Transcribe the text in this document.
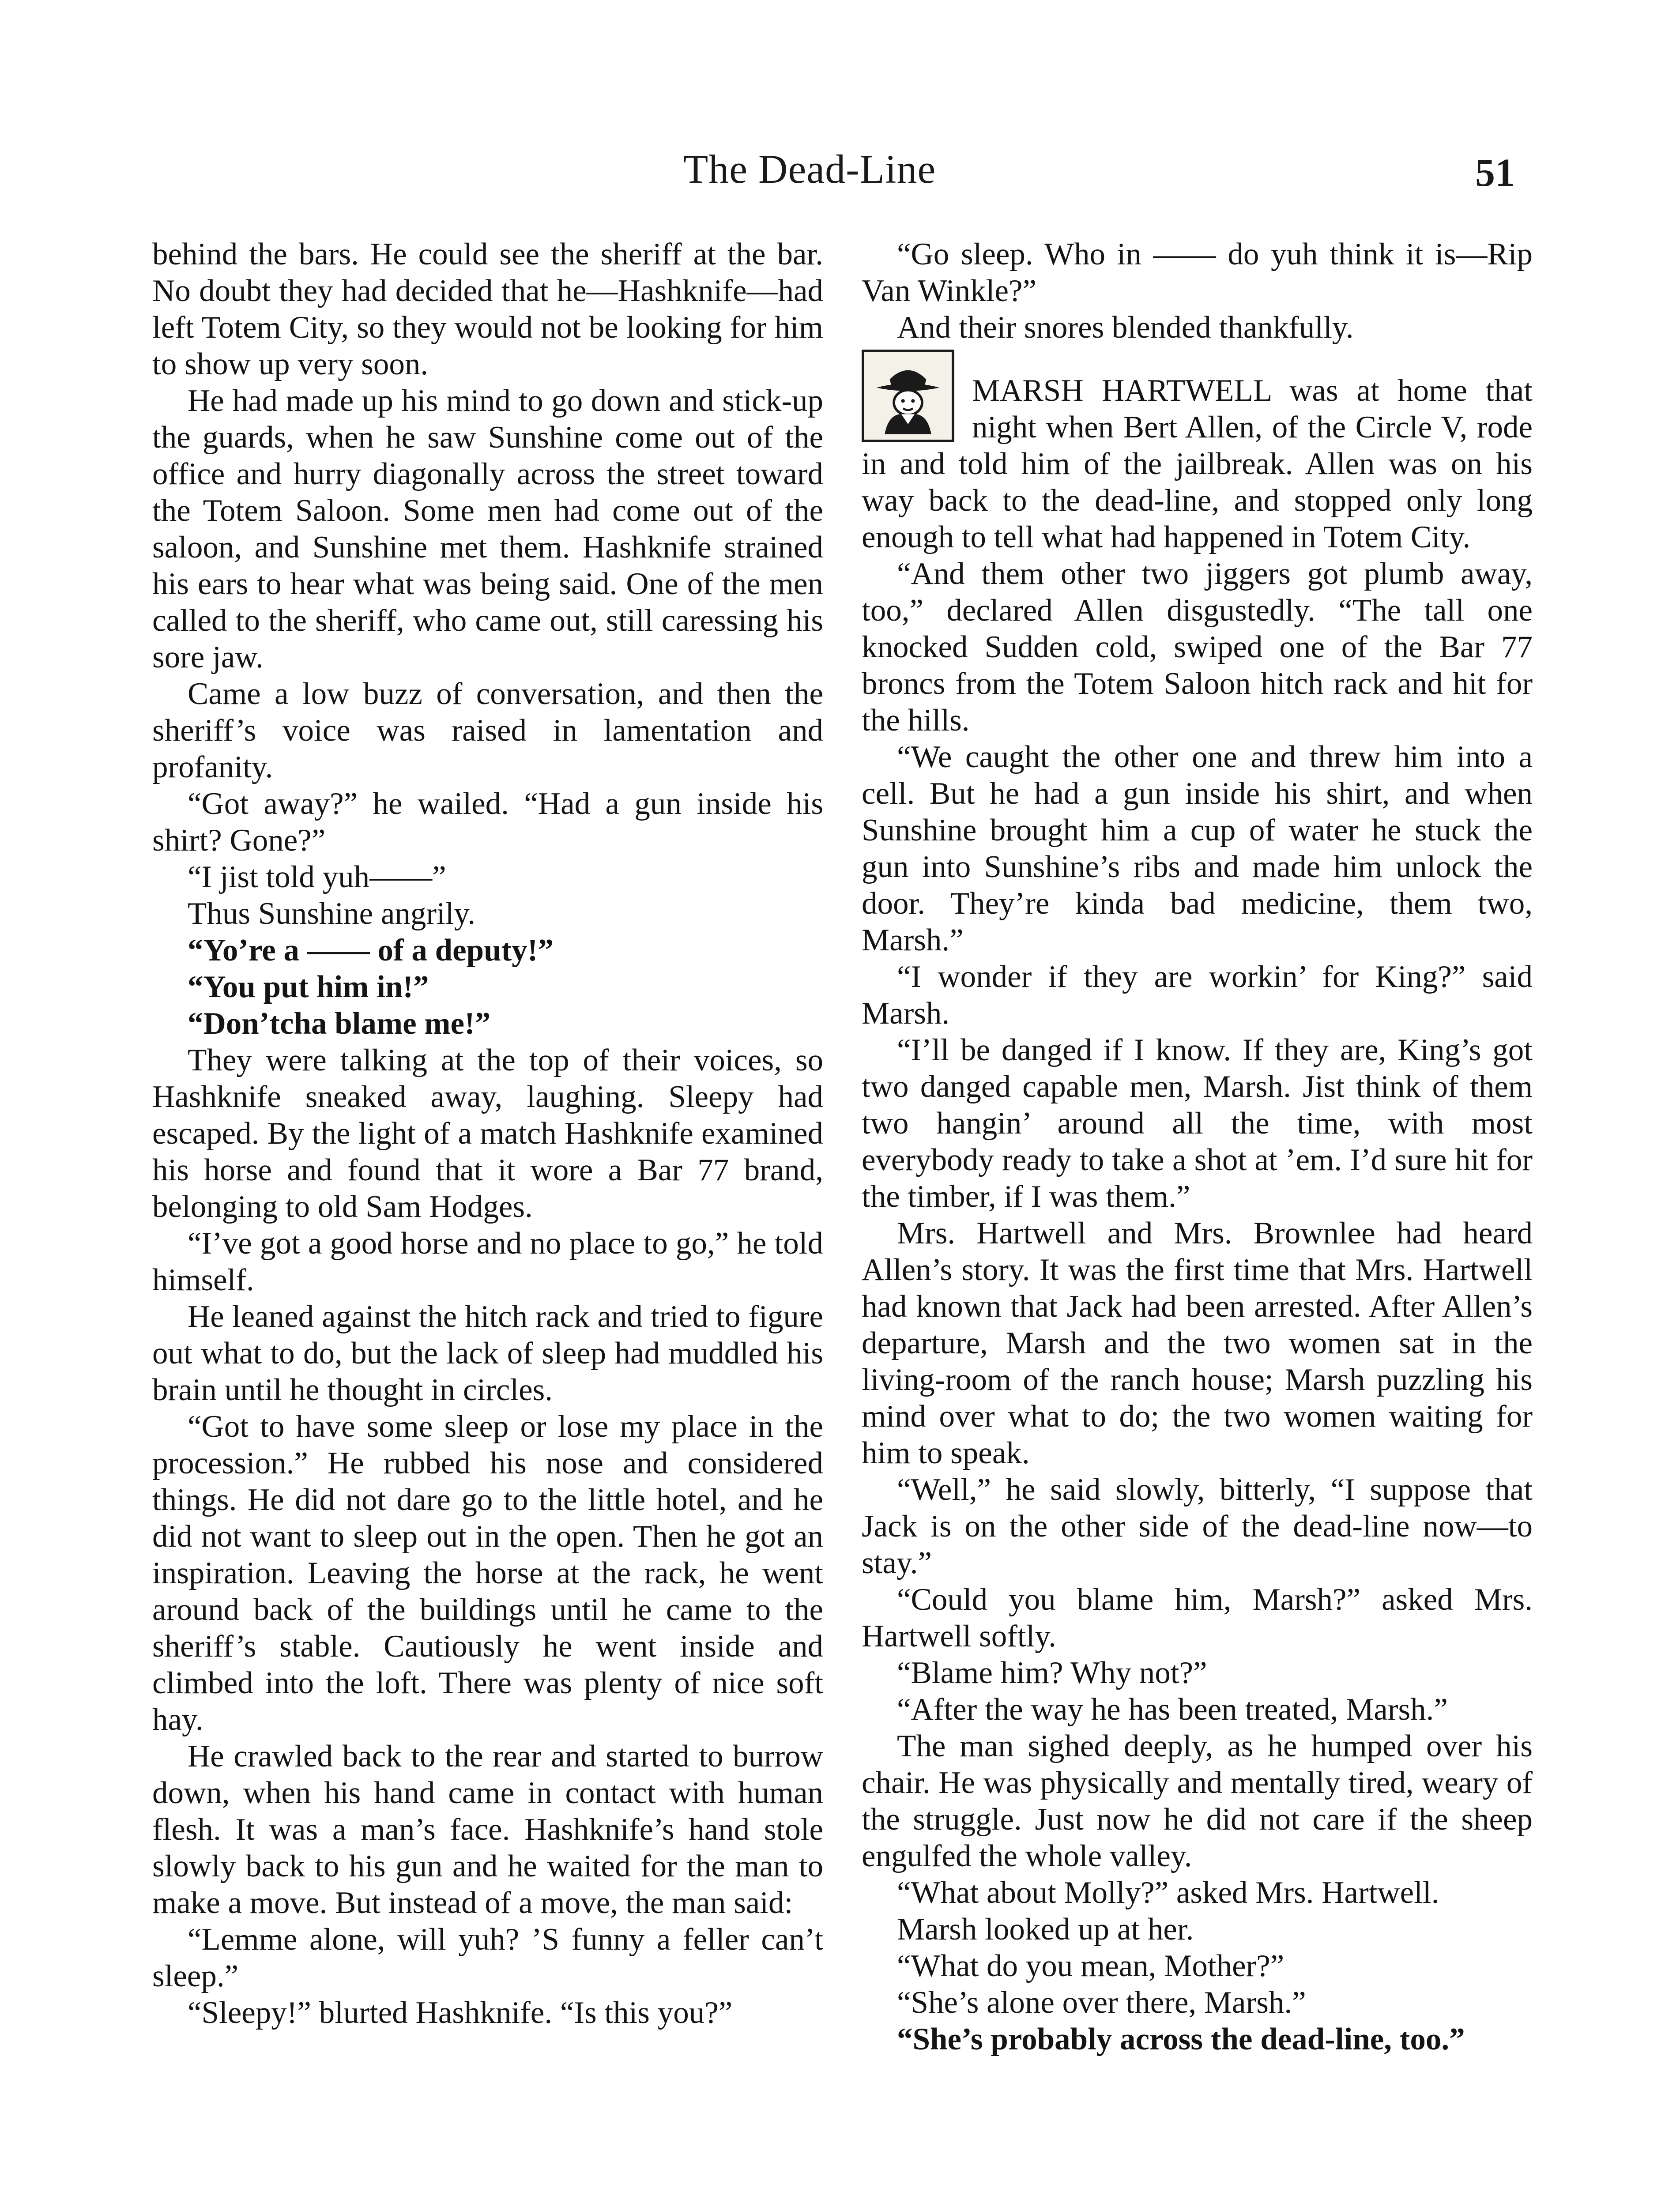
The Dead-Line	51

behind the bars. He could see the sheriff at the bar. No doubt they had decided that he—Hashknife—had left Totem City, so they would not be looking for him to show up very soon.

He had made up his mind to go down and stick-up the guards, when he saw Sunshine come out of the office and hurry diagonally across the street toward the Totem Saloon. Some men had come out of the saloon, and Sunshine met them. Hashknife strained his ears to hear what was being said. One of the men called to the sheriff, who came out, still caressing his sore jaw.

Came a low buzz of conversation, and then the sheriff’s voice was raised in lamentation and profanity.

“Got away?” he wailed. “Had a gun inside his shirt? Gone?”

“I jist told yuh——”

Thus Sunshine angrily.

“Yo’re a —— of a deputy!”

“You put him in!”

“Don’tcha blame me!”

They were talking at the top of their voices, so Hashknife sneaked away, laughing. Sleepy had escaped. By the light of a match Hashknife examined his horse and found that it wore a Bar 77 brand, belonging to old Sam Hodges.

“I’ve got a good horse and no place to go,” he told himself.

He leaned against the hitch rack and tried to figure out what to do, but the lack of sleep had muddled his brain until he thought in circles.

“Got to have some sleep or lose my place in the procession.” He rubbed his nose and considered things. He did not dare go to the little hotel, and he did not want to sleep out in the open. Then he got an inspiration. Leaving the horse at the rack, he went around back of the buildings until he came to the sheriff’s stable. Cautiously he went inside and climbed into the loft. There was plenty of nice soft hay.

He crawled back to the rear and started to burrow down, when his hand came in contact with human flesh. It was a man’s face. Hashknife’s hand stole slowly back to his gun and he waited for the man to make a move. But instead of a move, the man said:

“Lemme alone, will yuh? ’S funny a feller can’t sleep.”

“Sleepy!” blurted Hashknife. “Is this you?”

“Go sleep. Who in —— do yuh think it is—Rip Van Winkle?”

And their snores blended thankfully.

MARSH HARTWELL was at home that night when Bert Allen, of the Circle V, rode in and told him of the jailbreak. Allen was on his way back to the dead-line, and stopped only long enough to tell what had happened in Totem City.

“And them other two jiggers got plumb away, too,” declared Allen disgustedly. “The tall one knocked Sudden cold, swiped one of the Bar 77 broncs from the Totem Saloon hitch rack and hit for the hills.

“We caught the other one and threw him into a cell. But he had a gun inside his shirt, and when Sunshine brought him a cup of water he stuck the gun into Sunshine’s ribs and made him unlock the door. They’re kinda bad medicine, them two, Marsh.”

“I wonder if they are workin’ for King?” said Marsh.

“I’ll be danged if I know. If they are, King’s got two danged capable men, Marsh. Jist think of them two hangin’ around all the time, with most everybody ready to take a shot at ’em. I’d sure hit for the timber, if I was them.”

Mrs. Hartwell and Mrs. Brownlee had heard Allen’s story. It was the first time that Mrs. Hartwell had known that Jack had been arrested. After Allen’s departure, Marsh and the two women sat in the living-room of the ranch house; Marsh puzzling his mind over what to do; the two women waiting for him to speak.

“Well,” he said slowly, bitterly, “I suppose that Jack is on the other side of the dead-line now—to stay.”

“Could you blame him, Marsh?” asked Mrs. Hartwell softly.

“Blame him? Why not?”

“After the way he has been treated, Marsh.”

The man sighed deeply, as he humped over his chair. He was physically and mentally tired, weary of the struggle. Just now he did not care if the sheep engulfed the whole valley.

“What about Molly?” asked Mrs. Hartwell.

Marsh looked up at her.

“What do you mean, Mother?”

“She’s alone over there, Marsh.”

“She’s probably across the dead-line, too.”
